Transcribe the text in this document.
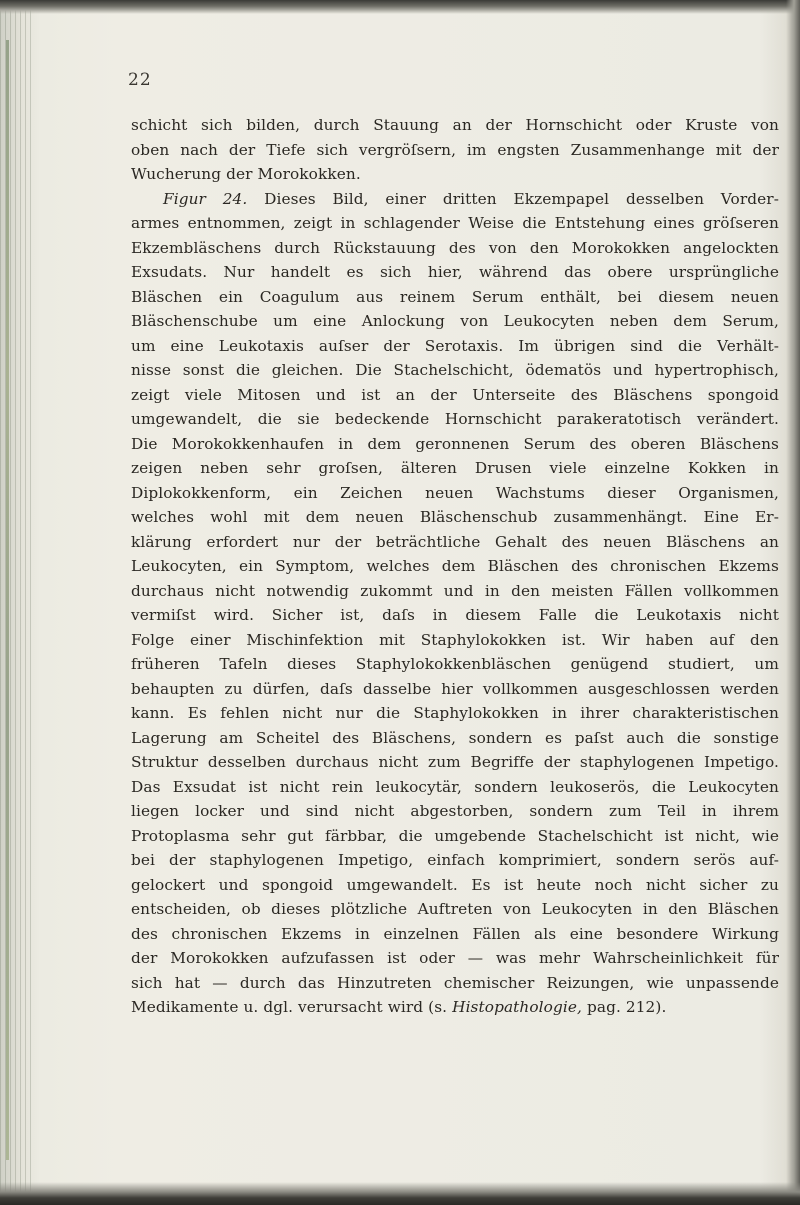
22
schicht sich bilden, durch Stauung an der Hornschicht oder Kruste von
oben nach der Tiefe sich vergröſsern, im engsten Zusammenhange mit der
Wucherung der Morokokken.
Figur 24. Dieses Bild, einer dritten Ekzempapel desselben Vorder-
armes entnommen, zeigt in schlagender Weise die Entstehung eines gröſseren
Ekzembläschens durch Rückstauung des von den Morokokken angelockten
Exsudats. Nur handelt es sich hier, während das obere ursprüngliche
Bläschen ein Coagulum aus reinem Serum enthält, bei diesem neuen
Bläschenschube um eine Anlockung von Leukocyten neben dem Serum,
um eine Leukotaxis auſser der Serotaxis. Im übrigen sind die Verhält-
nisse sonst die gleichen. Die Stachelschicht, ödematös und hypertrophisch,
zeigt viele Mitosen und ist an der Unterseite des Bläschens spongoid
umgewandelt, die sie bedeckende Hornschicht parakeratotisch verändert.
Die Morokokkenhaufen in dem geronnenen Serum des oberen Bläschens
zeigen neben sehr groſsen, älteren Drusen viele einzelne Kokken in
Diplokokkenform, ein Zeichen neuen Wachstums dieser Organismen,
welches wohl mit dem neuen Bläschenschub zusammenhängt. Eine Er-
klärung erfordert nur der beträchtliche Gehalt des neuen Bläschens an
Leukocyten, ein Symptom, welches dem Bläschen des chronischen Ekzems
durchaus nicht notwendig zukommt und in den meisten Fällen vollkommen
vermiſst wird. Sicher ist, daſs in diesem Falle die Leukotaxis nicht
Folge einer Mischinfektion mit Staphylokokken ist. Wir haben auf den
früheren Tafeln dieses Staphylokokkenbläschen genügend studiert, um
behaupten zu dürfen, daſs dasselbe hier vollkommen ausgeschlossen werden
kann. Es fehlen nicht nur die Staphylokokken in ihrer charakteristischen
Lagerung am Scheitel des Bläschens, sondern es paſst auch die sonstige
Struktur desselben durchaus nicht zum Begriffe der staphylogenen Impetigo.
Das Exsudat ist nicht rein leukocytär, sondern leukoserös, die Leukocyten
liegen locker und sind nicht abgestorben, sondern zum Teil in ihrem
Protoplasma sehr gut färbbar, die umgebende Stachelschicht ist nicht, wie
bei der staphylogenen Impetigo, einfach komprimiert, sondern serös auf-
gelockert und spongoid umgewandelt. Es ist heute noch nicht sicher zu
entscheiden, ob dieses plötzliche Auftreten von Leukocyten in den Bläschen
des chronischen Ekzems in einzelnen Fällen als eine besondere Wirkung
der Morokokken aufzufassen ist oder — was mehr Wahrscheinlichkeit für
sich hat — durch das Hinzutreten chemischer Reizungen, wie unpassende
Medikamente u. dgl. verursacht wird (s. Histopathologie, pag. 212).
